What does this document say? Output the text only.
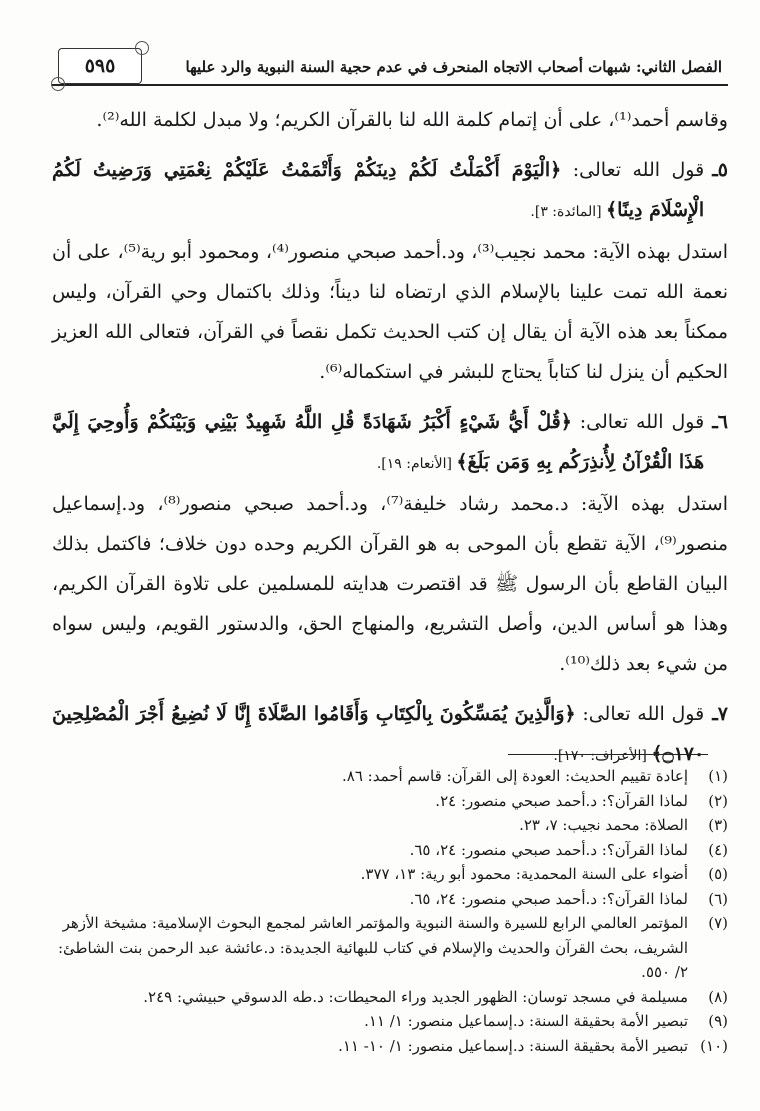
الفصل الثاني: شبهات أصحاب الاتجاه المنحرف في عدم حجية السنة النبوية والرد عليها
٥٩٥

وقاسم أحمد⁽¹⁾، على أن إتمام كلمة الله لنا بالقرآن الكريم؛ ولا مبدل لكلمة الله⁽²⁾.

٥ـ
قول الله تعالى: ﴿الْيَوْمَ أَكْمَلْتُ لَكُمْ دِينَكُمْ وَأَتْمَمْتُ عَلَيْكُمْ نِعْمَتِي وَرَضِيتُ لَكُمُ الْإِسْلَامَ دِينًا﴾ [المائدة: ٣].

استدل بهذه الآية: محمد نجيب⁽³⁾، ود.أحمد صبحي منصور⁽⁴⁾، ومحمود أبو رية⁽⁵⁾، على أن نعمة الله تمت علينا بالإسلام الذي ارتضاه لنا ديناً؛ وذلك باكتمال وحي القرآن، وليس ممكناً بعد هذه الآية أن يقال إن كتب الحديث تكمل نقصاً في القرآن، فتعالى الله العزيز الحكيم أن ينزل لنا كتاباً يحتاج للبشر في استكماله⁽⁶⁾.

٦ـ
قول الله تعالى: ﴿قُلْ أَيُّ شَيْءٍ أَكْبَرُ شَهَادَةً قُلِ اللَّهُ شَهِيدٌ بَيْنِي وَبَيْنَكُمْ وَأُوحِيَ إِلَيَّ هَذَا الْقُرْآنُ لِأُنذِرَكُم بِهِ وَمَن بَلَغَ﴾ [الأنعام: ١٩].

استدل بهذه الآية: د.محمد رشاد خليفة⁽⁷⁾، ود.أحمد صبحي منصور⁽⁸⁾، ود.إسماعيل منصور⁽⁹⁾، الآية تقطع بأن الموحى به هو القرآن الكريم وحده دون خلاف؛ فاكتمل بذلك البيان القاطع بأن الرسول ﷺ قد اقتصرت هدايته للمسلمين على تلاوة القرآن الكريم، وهذا هو أساس الدين، وأصل التشريع، والمنهاج الحق، والدستور القويم، وليس سواه من شيء بعد ذلك⁽¹⁰⁾.

٧ـ
قول الله تعالى: ﴿وَالَّذِينَ يُمَسِّكُونَ بِالْكِتَابِ وَأَقَامُوا الصَّلَاةَ إِنَّا لَا نُضِيعُ أَجْرَ الْمُصْلِحِينَ ۝١٧٠﴾ [الأعراف: ١٧٠].
(١)
إعادة تقييم الحديث: العودة إلى القرآن: قاسم أحمد: ٨٦.
(٢)
لماذا القرآن؟: د.أحمد صبحي منصور: ٢٤.
(٣)
الصلاة: محمد نجيب: ٧، ٢٣.
(٤)
لماذا القرآن؟: د.أحمد صبحي منصور: ٢٤، ٦٥.
(٥)
أضواء على السنة المحمدية: محمود أبو رية: ١٣، ٣٧٧.
(٦)
لماذا القرآن؟: د.أحمد صبحي منصور: ٢٤، ٦٥.
(٧)
المؤتمر العالمي الرابع للسيرة والسنة النبوية والمؤتمر العاشر لمجمع البحوث الإسلامية: مشيخة الأزهر الشريف، بحث القرآن والحديث والإسلام في كتاب للبهائية الجديدة: د.عائشة عبد الرحمن بنت الشاطئ: ٢/ ٥٥٠.
(٨)
مسيلمة في مسجد توسان: الظهور الجديد وراء المحيطات: د.طه الدسوقي حبيشي: ٢٤٩.
(٩)
تبصير الأمة بحقيقة السنة: د.إسماعيل منصور: ١/ ١١.
(١٠)
تبصير الأمة بحقيقة السنة: د.إسماعيل منصور: ١/ ١٠- ١١.
